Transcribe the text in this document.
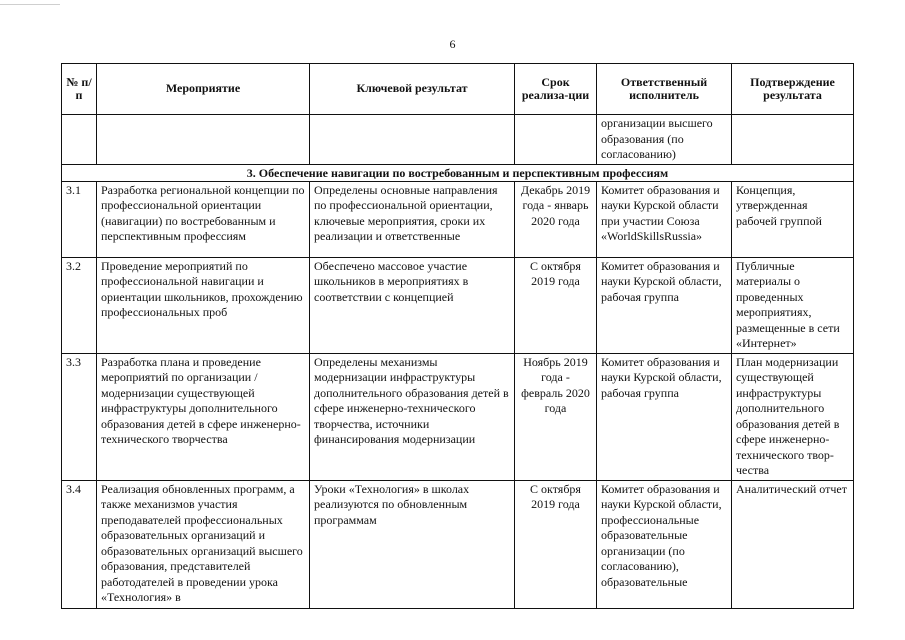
6
№ п/п	Мероприятие	Ключевой результат	Срок реализа-ции	Ответственный исполнитель	Подтверждение результата
				организации высшего образования (по согласованию)	
3. Обеспечение навигации по востребованным и перспективным профессиям					
3.1	Разработка региональной концепции по профессиональной ориентации (навигации) по востребованным и перспективным профессиям	Определены основные направления по профессиональной ориентации, ключевые мероприятия, сроки их реализации и ответственные	Декабрь 2019 года - январь 2020 года	Комитет образования и науки Курской области при участии Союза «WorldSkillsRussia»	Концепция, утвержденная рабочей группой
3.2	Проведение мероприятий по профессиональной навигации и ориентации школьников, прохождению профессиональных проб	Обеспечено массовое участие школьников в мероприятиях в соответствии с концепцией	С октября 2019 года	Комитет образования и науки Курской области, рабочая группа	Публичные материалы о проведенных мероприятиях, размещенные в сети «Интернет»
3.3	Разработка плана и проведение мероприятий по организации / модернизации существующей инфраструктуры дополнительного образования детей в сфере инженерно-технического творчества	Определены механизмы модернизации инфраструктуры дополнительного образования детей в сфере инженерно-технического творчества, источники финансирования модернизации	Ноябрь 2019 года - февраль 2020 года	Комитет образования и науки Курской области, рабочая группа	План модернизации существующей инфраструктуры дополнительного образования детей в сфере инженерно-технического твор-чества
3.4	Реализация обновленных программ, а также механизмов участия преподавателей профессиональных образовательных организаций и образовательных организаций высшего образования, представителей работодателей в проведении урока «Технология» в	Уроки «Технология» в школах реализуются по обновленным программам	С октября 2019 года	Комитет образования и науки Курской области, профессиональные образовательные организации (по согласованию), образовательные	Аналитический отчет
